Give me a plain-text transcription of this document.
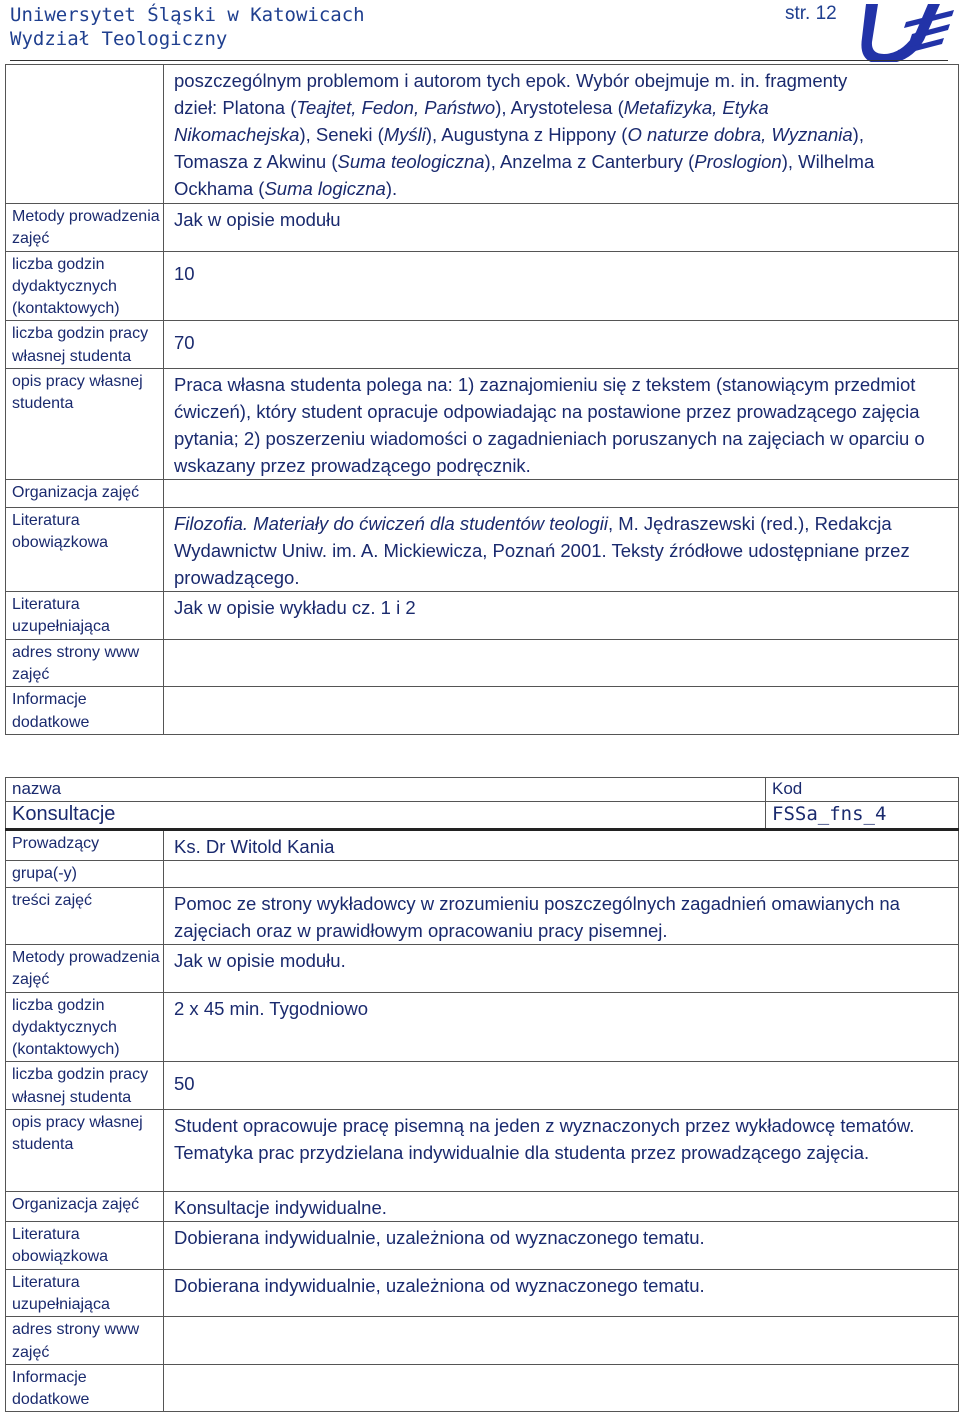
Uniwersytet Śląski w Katowicach
Wydział Teologiczny
str. 12
	poszczególnym problemom i autorom tych epok. Wybór obejmuje m. in. fragmenty
dzieł: Platona (Teajtet, Fedon, Państwo), Arystotelesa (Metafizyka, Etyka
Nikomachejska), Seneki (Myśli), Augustyna z Hippony (O naturze dobra, Wyznania),
Tomasza z Akwinu (Suma teologiczna), Anzelma z Canterbury (Proslogion), Wilhelma
Ockhama (Suma logiczna).
Metody prowadzenia zajęć	Jak w opisie modułu
liczba godzin dydaktycznych (kontaktowych)	10
liczba godzin pracy własnej studenta	70
opis pracy własnej studenta	Praca własna studenta polega na: 1) zaznajomieniu się z tekstem (stanowiącym przedmiot ćwiczeń), który student opracuje odpowiadając na postawione przez prowadzącego zajęcia pytania; 2) poszerzeniu wiadomości o zagadnieniach poruszanych na zajęciach w oparciu o wskazany przez prowadzącego podręcznik.
Organizacja zajęć	
Literatura obowiązkowa	Filozofia. Materiały do ćwiczeń dla studentów teologii, M. Jędraszewski (red.), Redakcja Wydawnictw Uniw. im. A. Mickiewicza, Poznań 2001. Teksty źródłowe udostępniane przez prowadzącego.
Literatura uzupełniająca	Jak w opisie wykładu cz. 1 i 2
adres strony www zajęć	
Informacje dodatkowe	
nazwa		Kod
Konsultacje		FSSa_fns_4
Prowadzący	Ks. Dr Witold Kania	
grupa(-y)		
treści zajęć	Pomoc ze strony wykładowcy w zrozumieniu poszczególnych zagadnień omawianych na zajęciach oraz w prawidłowym opracowaniu pracy pisemnej.	
Metody prowadzenia zajęć	Jak w opisie modułu.	
liczba godzin dydaktycznych (kontaktowych)	2 x 45 min. Tygodniowo	
liczba godzin pracy własnej studenta	50	
opis pracy własnej studenta	Student opracowuje pracę pisemną na jeden z wyznaczonych przez wykładowcę tematów. Tematyka prac przydzielana indywidualnie dla studenta przez prowadzącego zajęcia.	
Organizacja zajęć	Konsultacje indywidualne.	
Literatura obowiązkowa	Dobierana indywidualnie, uzależniona od wyznaczonego tematu.	
Literatura uzupełniająca	Dobierana indywidualnie, uzależniona od wyznaczonego tematu.	
adres strony www zajęć		
Informacje dodatkowe		
